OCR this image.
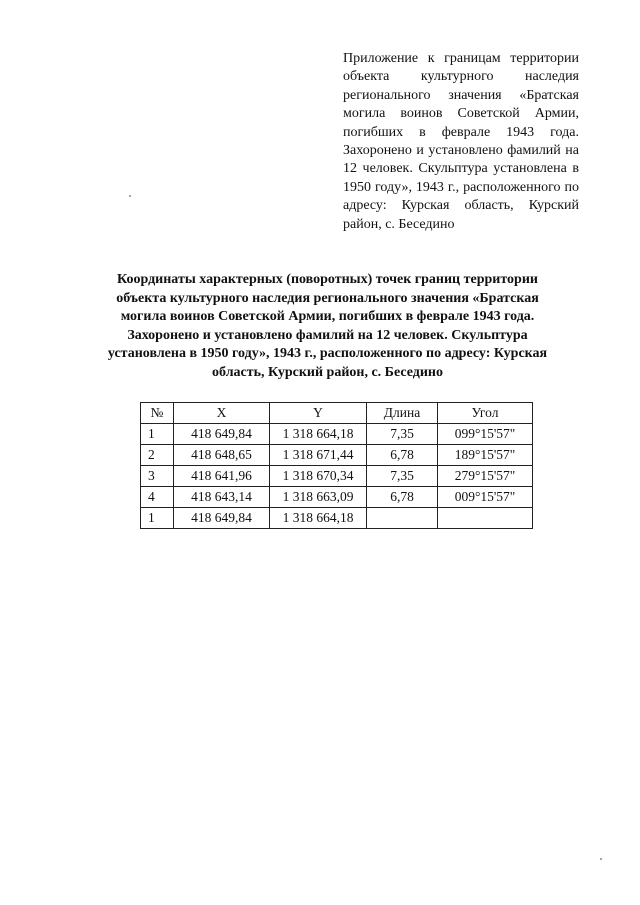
Приложение к границам территории объекта культурного наследия регионального значения «Братская могила воинов Советской Армии, погибших в феврале 1943 года. Захоронено и установлено фамилий на 12 человек. Скульптура установлена в 1950 году», 1943 г., расположенного по адресу: Курская область, Курский район, с. Беседино
Координаты характерных (поворотных) точек границ территории объекта культурного наследия регионального значения «Братская могила воинов Советской Армии, погибших в феврале 1943 года. Захоронено и установлено фамилий на 12 человек. Скульптура установлена в 1950 году», 1943 г., расположенного по адресу: Курская область, Курский район, с. Беседино
№	X	Y	Длина	Угол
1	418 649,84	1 318 664,18	7,35	099°15'57"
2	418 648,65	1 318 671,44	6,78	189°15'57"
3	418 641,96	1 318 670,34	7,35	279°15'57"
4	418 643,14	1 318 663,09	6,78	009°15'57"
1	418 649,84	1 318 664,18		
